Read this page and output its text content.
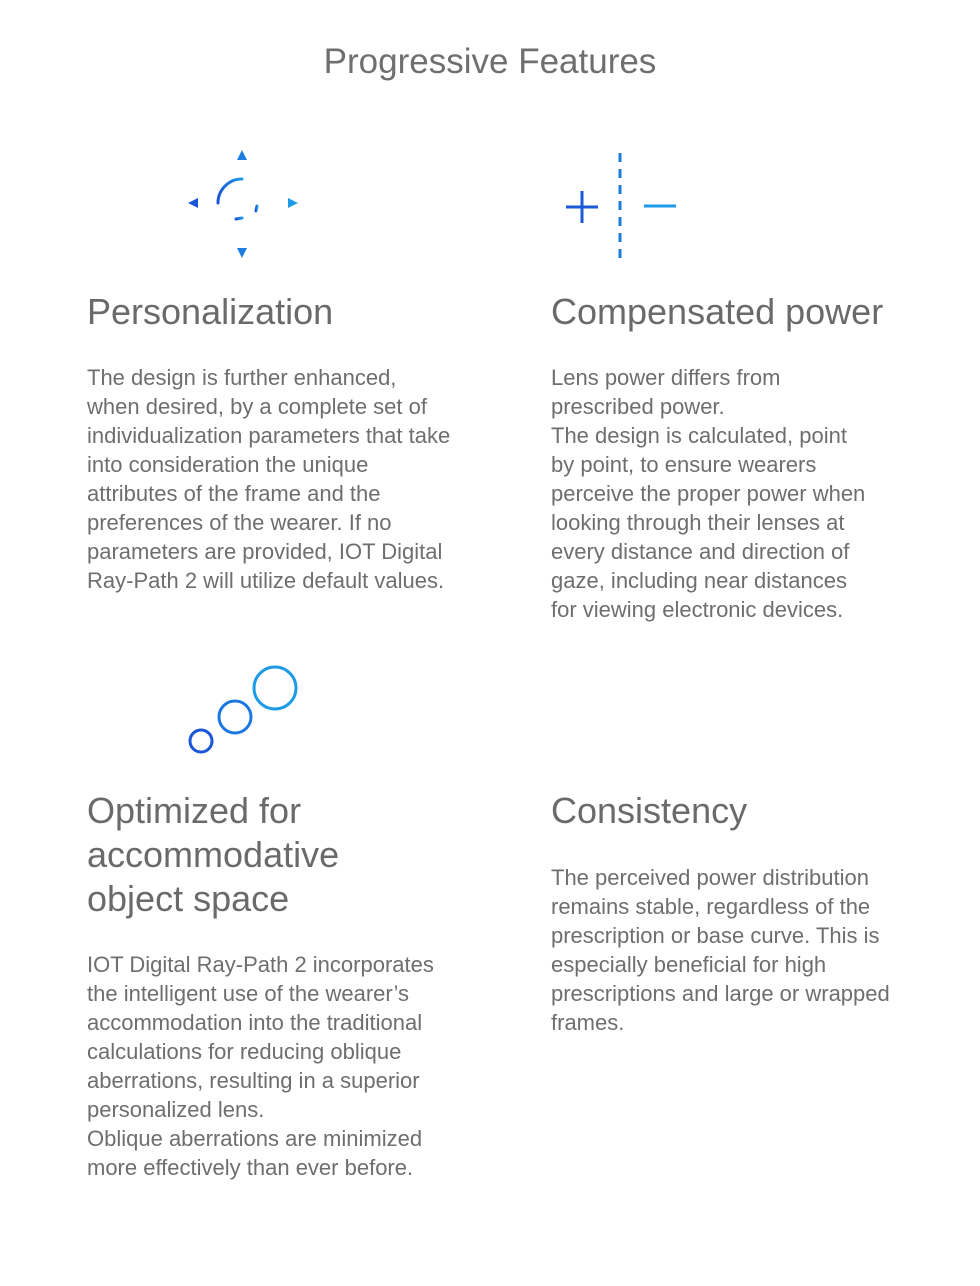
Progressive Features
Personalization

The design is further enhanced,
when desired, by a complete set of
individualization parameters that take
into consideration the unique
attributes of the frame and the
preferences of the wearer. If no
parameters are provided, IOT Digital
Ray-Path 2 will utilize default values.

Compensated power

Lens power differs from
prescribed power.
The design is calculated, point
by point, to ensure wearers
perceive the proper power when
looking through their lenses at
every distance and direction of
gaze, including near distances
for viewing electronic devices.

Optimized for
accommodative
object space

IOT Digital Ray-Path 2 incorporates
the intelligent use of the wearer’s
accommodation into the traditional
calculations for reducing oblique
aberrations, resulting in a superior
personalized lens.
Oblique aberrations are minimized
more effectively than ever before.

Consistency

The perceived power distribution
remains stable, regardless of the
prescription or base curve. This is
especially beneficial for high
prescriptions and large or wrapped
frames.
